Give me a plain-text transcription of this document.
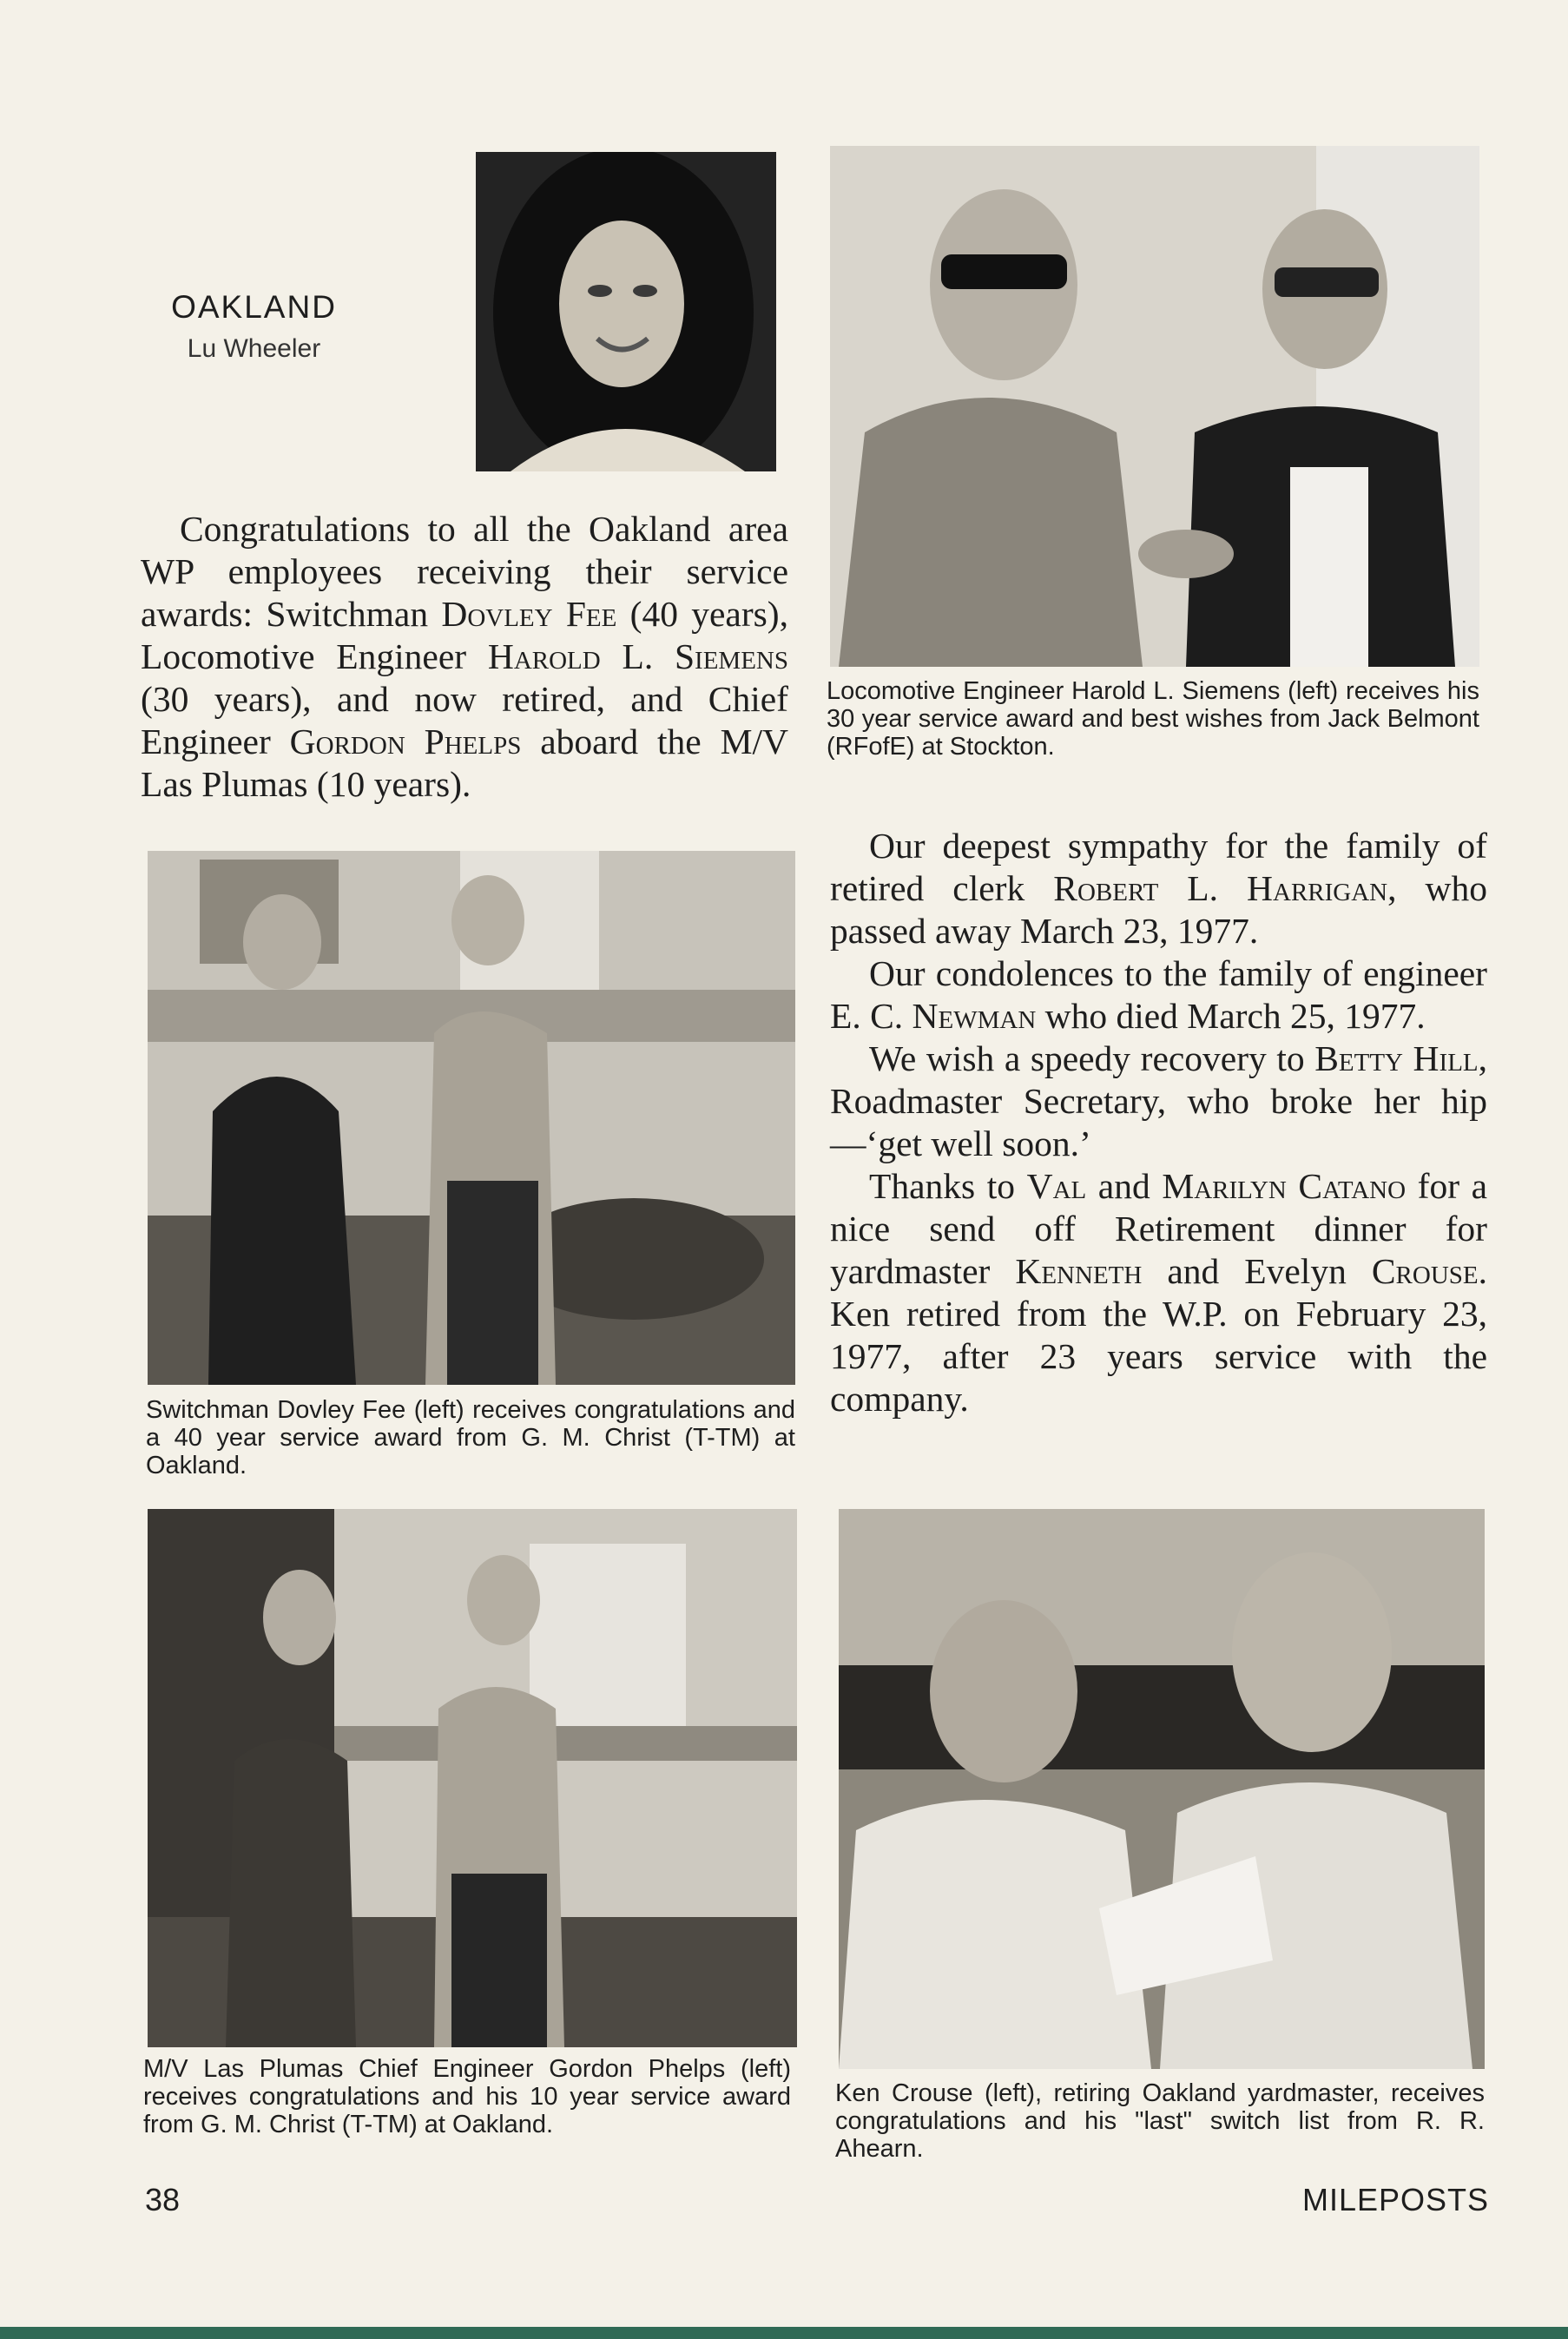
OAKLAND
Lu Wheeler

Congratulations to all the Oakland area WP employees receiving their service awards: Switchman Dovley Fee (40 years), Locomotive Engineer Harold L. Siemens (30 years), and now retired, and Chief Engineer Gordon Phelps aboard the M/V Las Plumas (10 years).

Locomotive Engineer Harold L. Siemens (left) receives his 30 year service award and best wishes from Jack Belmont (RFofE) at Stockton.
Switchman Dovley Fee (left) receives congratulations and a 40 year service award from G. M. Christ (T-TM) at Oakland.

Our deepest sympathy for the family of retired clerk Robert L. Harrigan, who passed away March 23, 1977.

Our condolences to the family of engineer E. C. Newman who died March 25, 1977.

We wish a speedy recovery to Betty Hill, Roadmaster Secretary, who broke her hip—‘get well soon.’

Thanks to Val and Marilyn Catano for a nice send off Retirement dinner for yardmaster Kenneth and Evelyn Crouse. Ken retired from the W.P. on February 23, 1977, after 23 years service with the company.

M/V Las Plumas Chief Engineer Gordon Phelps (left) receives congratulations and his 10 year service award from G. M. Christ (T-TM) at Oakland.
Ken Crouse (left), retiring Oakland yardmaster, receives congratulations and his "last" switch list from R. R. Ahearn.
38	MILEPOSTS
